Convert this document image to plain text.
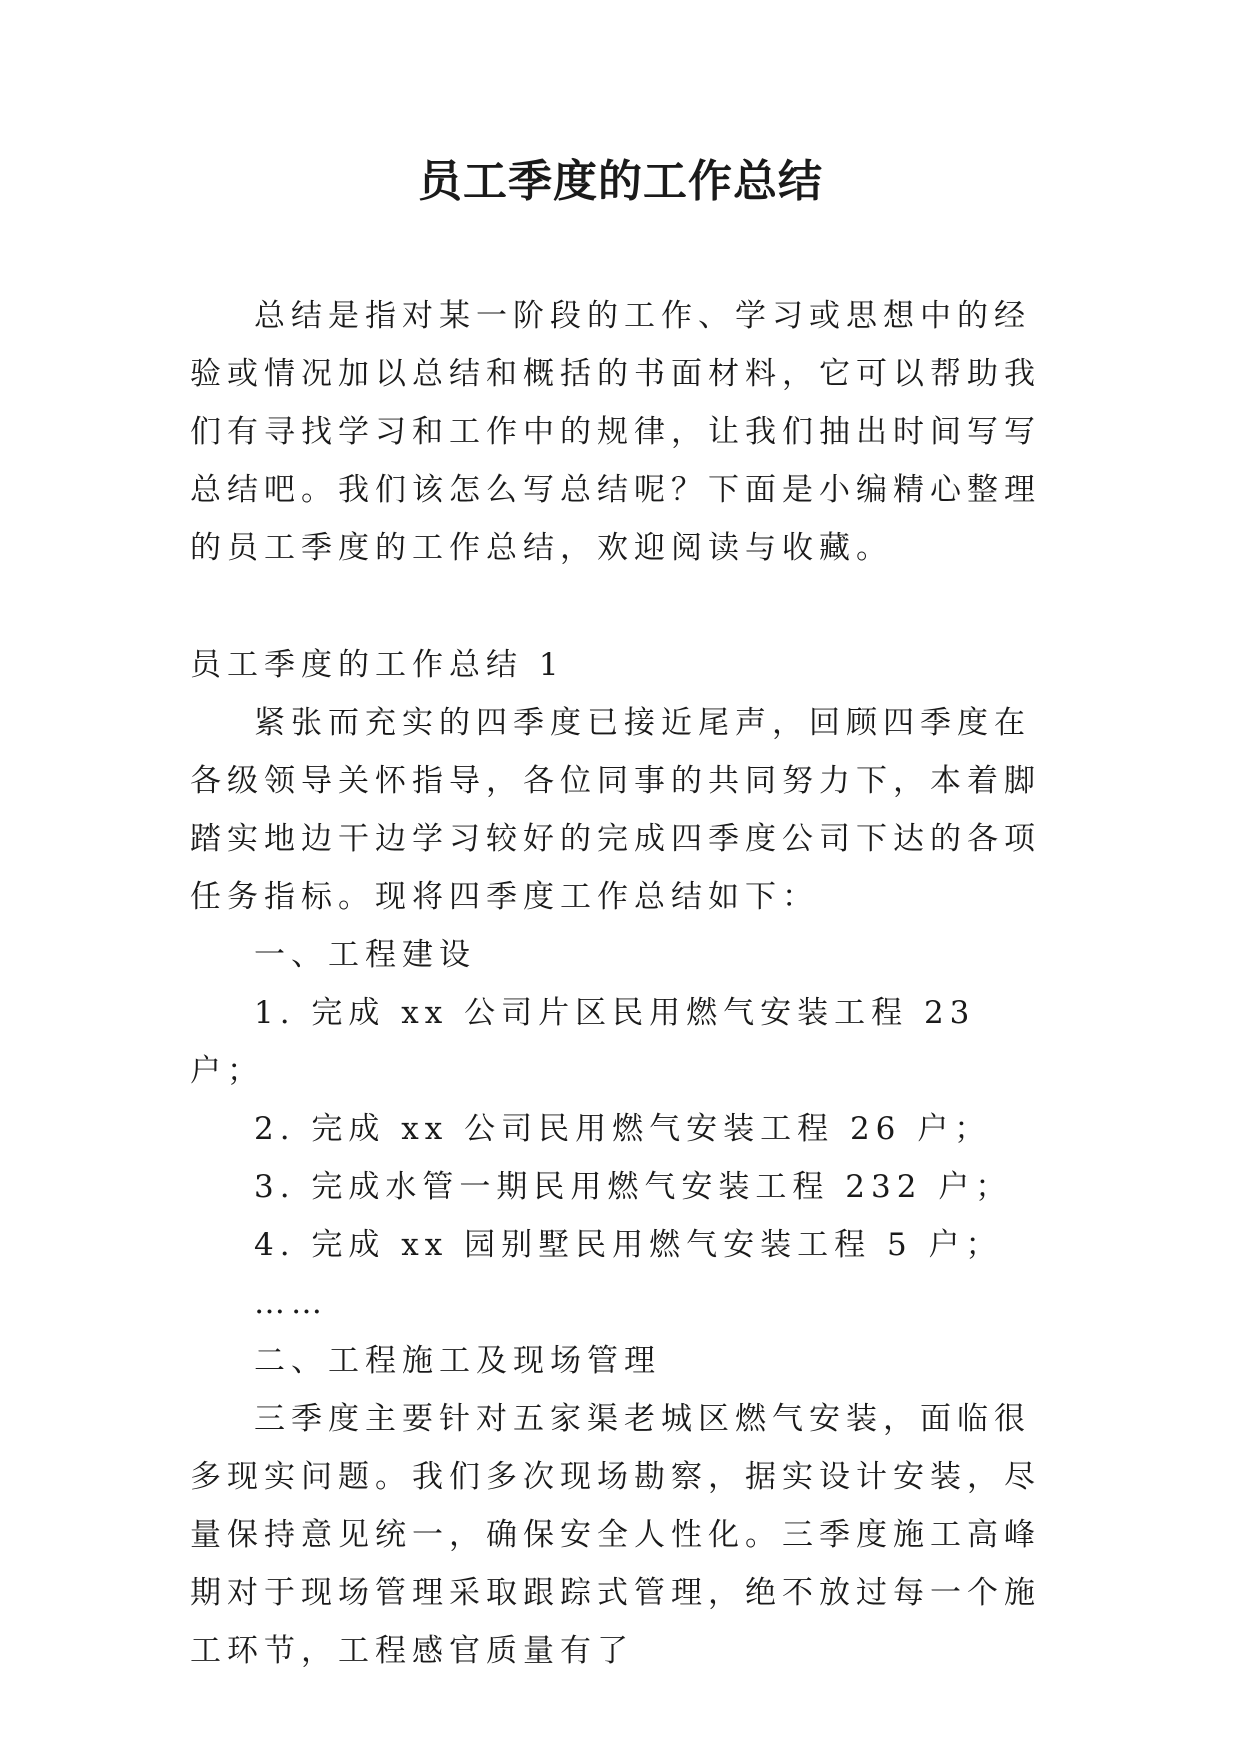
员工季度的工作总结

总结是指对某一阶段的工作、学习或思想中的经验或情况加以总结和概括的书面材料，它可以帮助我们有寻找学习和工作中的规律，让我们抽出时间写写总结吧。我们该怎么写总结呢？下面是小编精心整理的员工季度的工作总结，欢迎阅读与收藏。

员工季度的工作总结 1

紧张而充实的四季度已接近尾声，回顾四季度在各级领导关怀指导，各位同事的共同努力下，本着脚踏实地边干边学习较好的完成四季度公司下达的各项任务指标。现将四季度工作总结如下：

一、工程建设

1. 完成 xx 公司片区民用燃气安装工程 23 户；

2. 完成 xx 公司民用燃气安装工程 26 户；

3. 完成水管一期民用燃气安装工程 232 户；

4. 完成 xx 园别墅民用燃气安装工程 5 户；

……

二、工程施工及现场管理

三季度主要针对五家渠老城区燃气安装，面临很多现实问题。我们多次现场勘察，据实设计安装，尽量保持意见统一，确保安全人性化。三季度施工高峰期对于现场管理采取跟踪式管理，绝不放过每一个施工环节，工程感官质量有了
